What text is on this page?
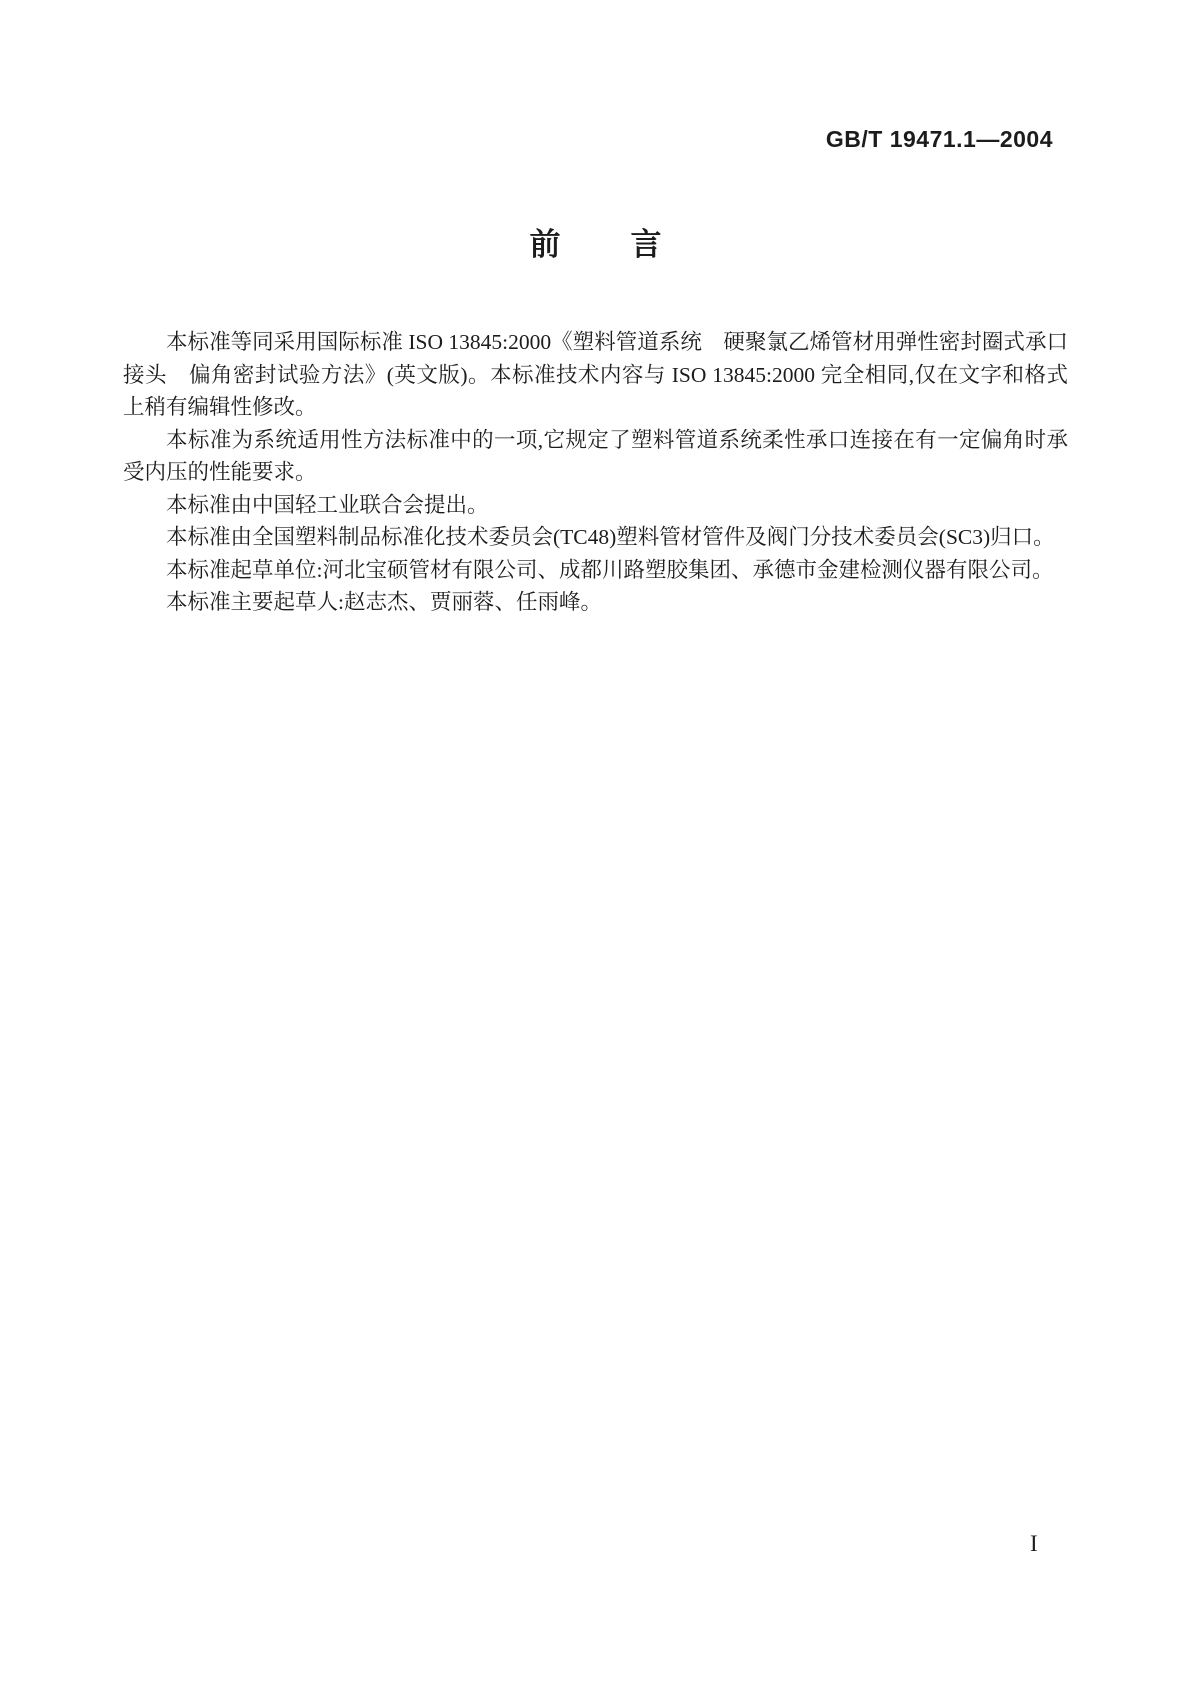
GB/T 19471.1—2004
前 言

本标准等同采用国际标准 ISO 13845:2000《塑料管道系统　硬聚氯乙烯管材用弹性密封圈式承口接头　偏角密封试验方法》(英文版)。本标准技术内容与 ISO 13845:2000 完全相同,仅在文字和格式上稍有编辑性修改。

本标准为系统适用性方法标准中的一项,它规定了塑料管道系统柔性承口连接在有一定偏角时承受内压的性能要求。

本标准由中国轻工业联合会提出。

本标准由全国塑料制品标准化技术委员会(TC48)塑料管材管件及阀门分技术委员会(SC3)归口。

本标准起草单位:河北宝硕管材有限公司、成都川路塑胶集团、承德市金建检测仪器有限公司。

本标准主要起草人:赵志杰、贾丽蓉、任雨峰。

I
